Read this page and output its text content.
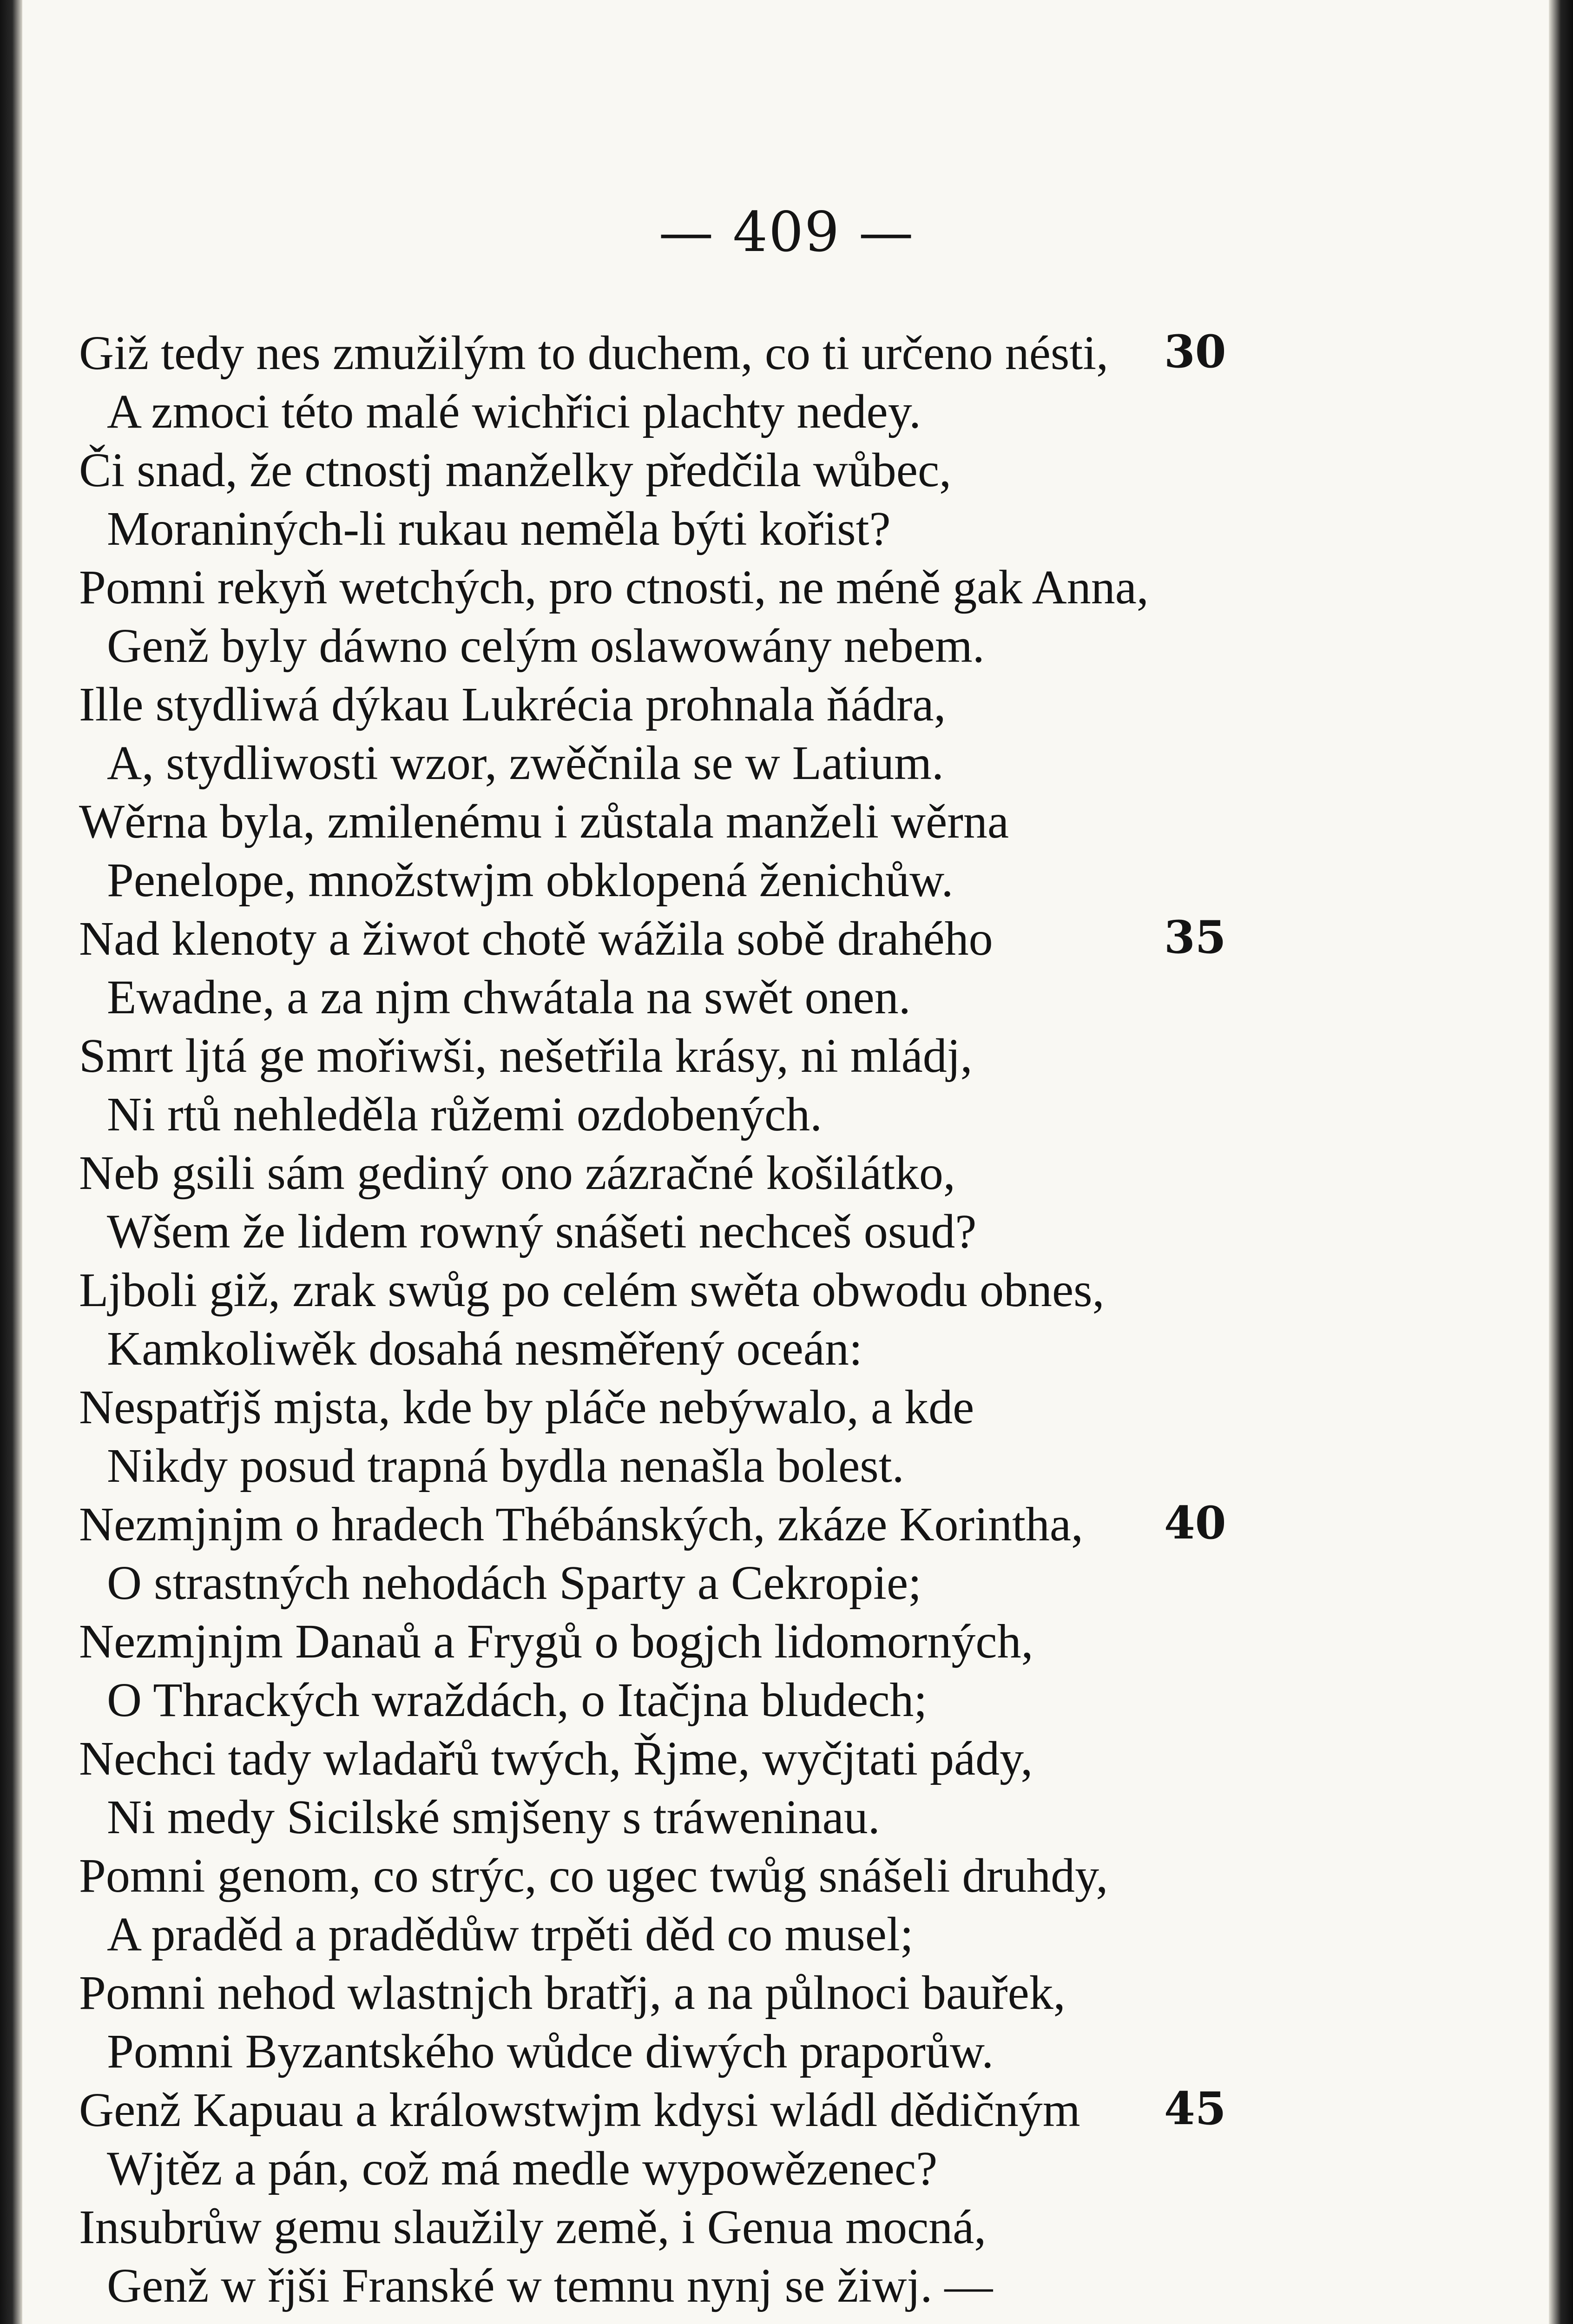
— 409 —
Giž tedy nes zmužilým to duchem, co ti určeno nésti, 30
A zmoci této malé wichřici plachty nedey.
Či snad, že ctnostj manželky předčila wůbec,
Moraniných-li rukau neměla býti kořist?
Pomni rekyň wetchých, pro ctnosti, ne méně gak Anna,
Genž byly dáwno celým oslawowány nebem.
Ille stydliwá dýkau Lukrécia prohnala ňádra,
A, stydliwosti wzor, zwěčnila se w Latium.
Wěrna byla, zmilenému i zůstala manželi wěrna
Penelope, množstwjm obklopená ženichůw.
Nad klenoty a žiwot chotě wážila sobě drahého	35
Ewadne, a za njm chwátala na swět onen.
Smrt ljtá ge mořiwši, nešetřila krásy, ni mládj,
Ni rtů nehleděla růžemi ozdobených.
Neb gsili sám gediný ono zázračné košilátko,
Wšem že lidem rowný snášeti nechceš osud?
Ljboli giž, zrak swůg po celém swěta obwodu obnes,
Kamkoliwěk dosahá nesměřený oceán:
Nespatřjš mjsta, kde by pláče nebýwalo, a kde
Nikdy posud trapná bydla nenašla bolest.
Nezmjnjm o hradech Thébánských, zkáze Korintha, 40
O strastných nehodách Sparty a Cekropie;
Nezmjnjm Danaů a Frygů o bogjch lidomorných,
O Thrackých wraždách, o Itačjna bludech;
Nechci tady wladařů twých, Řjme, wyčjtati pády,
Ni medy Sicilské smjšeny s tráweninau.
Pomni genom, co strýc, co ugec twůg snášeli druhdy,
A praděd a pradědůw trpěti děd co musel;
Pomni nehod wlastnjch bratřj, a na půlnoci bauřek,
Pomni Byzantského wůdce diwých praporůw.
Genž Kapuau a králowstwjm kdysi wládl dědičným 45
Wjtěz a pán, což má medle wypowězenec?
Insubrůw gemu slaužily země, i Genua mocná,
Genž w řjši Franské w temnu nynj se žiwj. —
